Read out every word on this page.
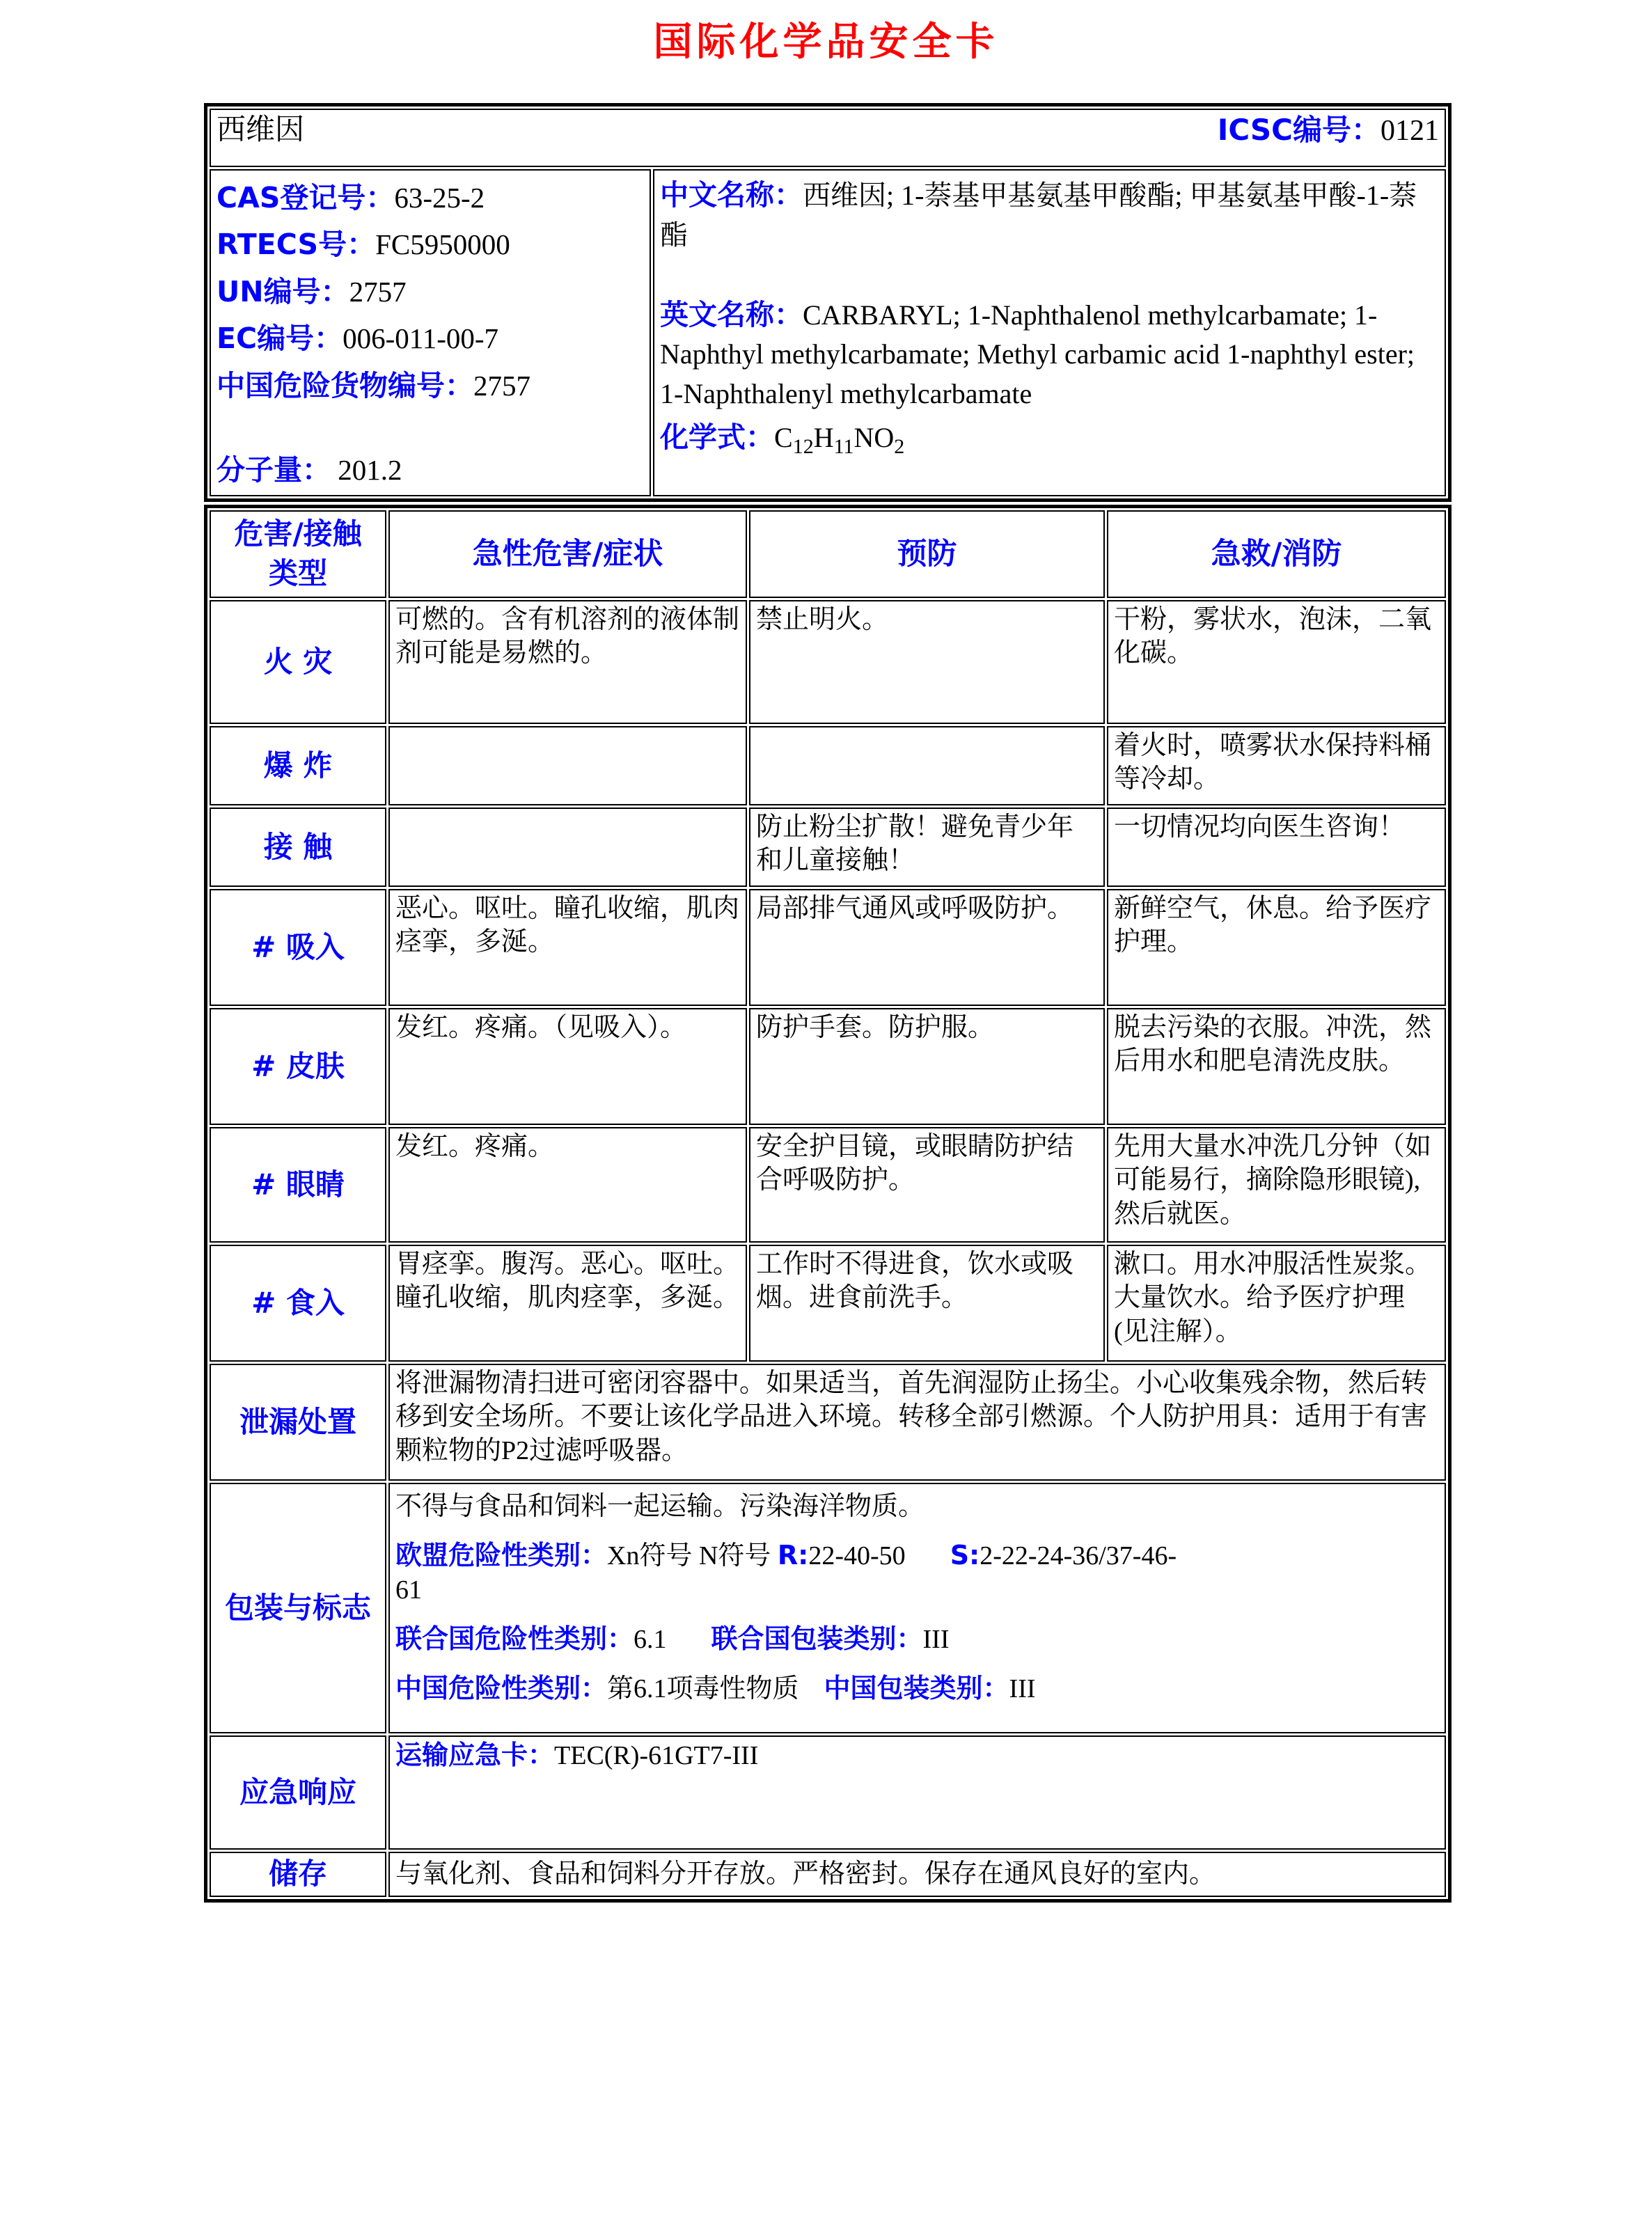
国际化学品安全卡
西维因	ICSC编号：0121

CAS登记号：63-25-2

RTECS号：FC5950000

UN编号：2757

EC编号：006-011-00-7

中国危险货物编号：2757

分子量： 201.2

中文名称：西维因; 1-萘基甲基氨基甲酸酯; 甲基氨基甲酸-1-萘酯

英文名称：CARBARYL; 1-Naphthalenol methylcarbamate; 1-Naphthyl methylcarbamate; Methyl carbamic acid 1-naphthyl ester; 1-Naphthalenyl methylcarbamate

化学式：$C_{12}H_{11}NO_2$

危害/接触
类型	急性危害/症状	预防	急救/消防
火 灾	可燃的。含有机溶剂的液体制剂可能是易燃的。	禁止明火。	干粉，雾状水，泡沫，二氧化碳。
爆 炸			着火时，喷雾状水保持料桶等冷却。
接 触		防止粉尘扩散！避免青少年和儿童接触！	一切情况均向医生咨询！
# 吸入	恶心。呕吐。瞳孔收缩，肌肉痉挛，多涎。	局部排气通风或呼吸防护。	新鲜空气，休息。给予医疗护理。
# 皮肤	发红。疼痛。（见吸入）。	防护手套。防护服。	脱去污染的衣服。冲洗，然后用水和肥皂清洗皮肤。
# 眼睛	发红。疼痛。	安全护目镜，或眼睛防护结合呼吸防护。	先用大量水冲洗几分钟（如可能易行，摘除隐形眼镜),然后就医。
# 食入	胃痉挛。腹泻。恶心。呕吐。瞳孔收缩，肌肉痉挛，多涎。	工作时不得进食，饮水或吸烟。进食前洗手。	漱口。用水冲服活性炭浆。大量饮水。给予医疗护理(见注解）。
泄漏处置	将泄漏物清扫进可密闭容器中。如果适当，首先润湿防止扬尘。小心收集残余物，然后转移到安全场所。不要让该化学品进入环境。转移全部引燃源。个人防护用具：适用于有害颗粒物的P2过滤呼吸器。		
包装与标志	不得与食品和饲料一起运输。污染海洋物质。

欧盟危险性类别：Xn符号 N符号 R:22-40-50 S:2-22-24-36/37-46-
61

联合国危险性类别：6.1 联合国包装类别：III

中国危险性类别：第6.1项毒性物质 中国包装类别：III		

应急响应	运输应急卡：TEC(R)-61GT7-III		

储存	与氧化剂、食品和饲料分开存放。严格密封。保存在通风良好的室内。		
